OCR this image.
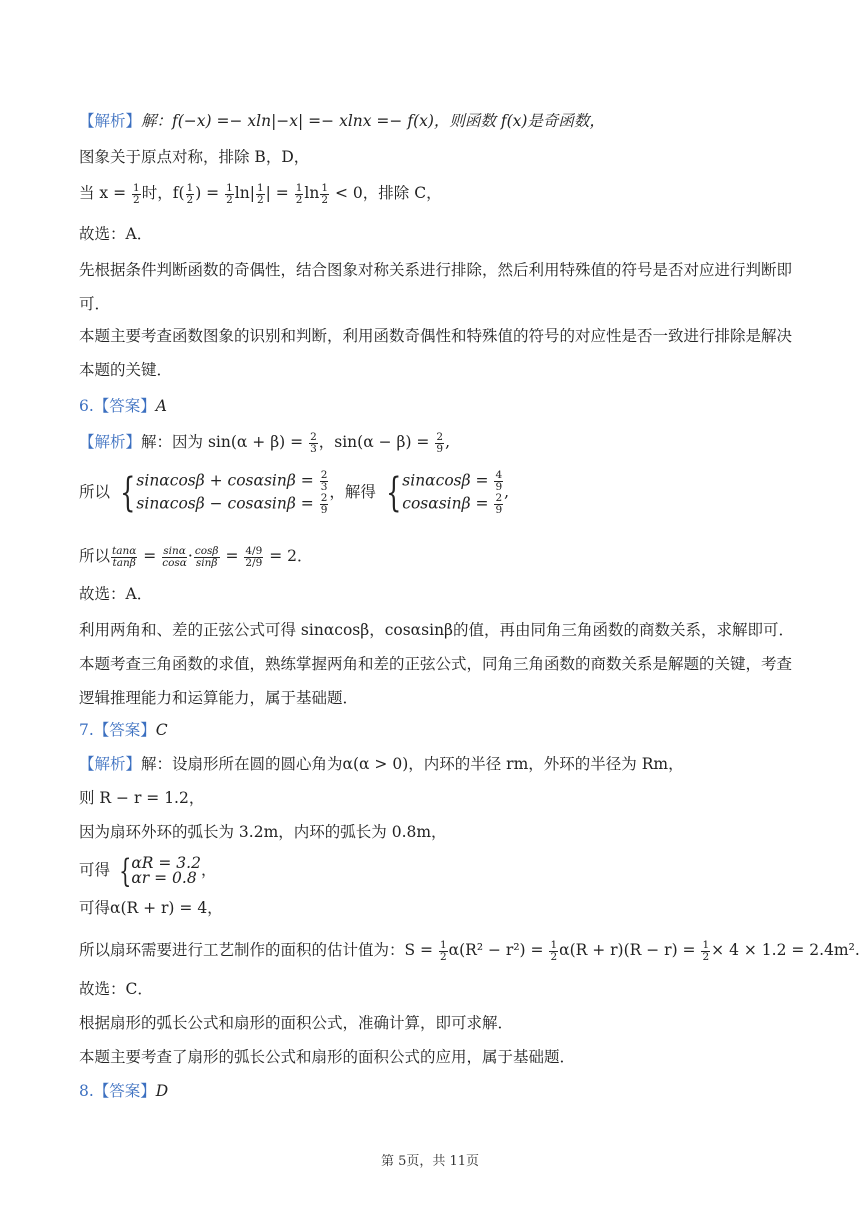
【解析】解：f(−x) =− xln|−x| =− xlnx =− f(x)，则函数 f(x)是奇函数，
图象关于原点对称，排除 B，D，
当 $x = \frac{1}{2}$ 时，$f( \frac{1}{2}$ ) = $\frac{1}{2} \ln| \frac{1}{2}$ | = $\frac{1}{2}$ $\ln \frac{1}{2} < 0$，排除 C，
故选：A．
先根据条件判断函数的奇偶性，结合图象对称关系进行排除，然后利用特殊值的符号是否对应进行判断即
可．
本题主要考查函数图象的识别和判断，利用函数奇偶性和特殊值的符号的对应性是否一致进行排除是解决
本题的关键．
6.【答案】A
【解析】解：因为 $\sin(\alpha + \beta) = \frac{2}{3}$ ，$\sin(\alpha - \beta) = \frac{2}{9}$ ,
所以 { $\sin\alpha\cos\beta + \cos\alpha\sin\beta = \frac{2}{3}$
$\sin\alpha\cos\beta - \cos\alpha\sin\beta = \frac{2}{9}$
，解得 { $\sin\alpha\cos\beta = \frac{4}{9}$
$\cos\alpha\sin\beta = \frac{2}{9}$
,
所以 $\frac{\tan\alpha}{\tan\beta} = \frac{\sin\alpha}{\cos\alpha} \cdot \frac{\cos\beta}{\sin\beta} = \frac{4/9}{2/9} = 2$．
故选：A．
利用两角和、差的正弦公式可得 sinαcosβ，cosαsinβ的值，再由同角三角函数的商数关系，求解即可．
本题考查三角函数的求值，熟练掌握两角和差的正弦公式，同角三角函数的商数关系是解题的关键，考查
逻辑推理能力和运算能力，属于基础题．
7.【答案】C
【解析】解：设扇形所在圆的圆心角为α(α > 0)，内环的半径 rm，外环的半径为 Rm，
则 R − r = 1.2，
因为扇环外环的弧长为 3.2m，内环的弧长为 0.8m，
可得 { αR = 3.2
αr = 0.8 ，
可得α(R + r) = 4，
所以扇环需要进行工艺制作的面积的估计值为：$S = \frac{1}{2} \alpha(R^2 - r^2) = \frac{1}{2} \alpha(R + r)(R - r) = \frac{1}{2} \times 4 \times 1.2 = 2.4m^2$.
故选：C．
根据扇形的弧长公式和扇形的面积公式，准确计算，即可求解．
本题主要考查了扇形的弧长公式和扇形的面积公式的应用，属于基础题．
8.【答案】D
第 5页，共 11页
